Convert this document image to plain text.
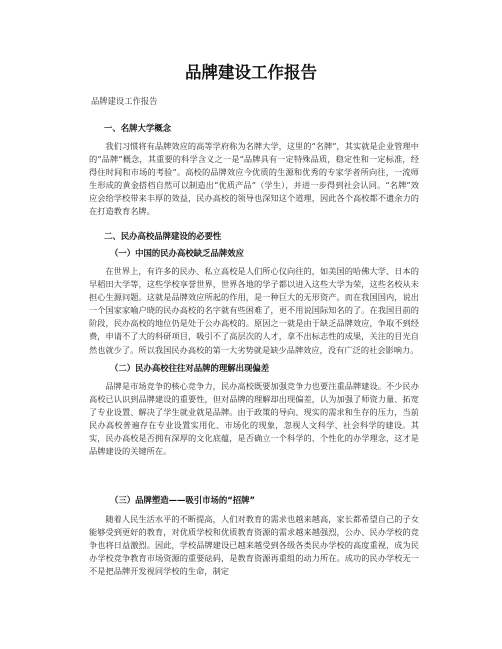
品牌建设工作报告
品牌建设工作报告
一、名牌大学概念

我们习惯将有品牌效应的高等学府称为名牌大学，这里的“名牌”，其实就是企业管理中的“品牌”概念，其重要的科学含义之一是“品牌具有一定特殊品质，稳定性和一定标准，经得住时间和市场的考验”。高校的品牌效应今优质的生源和优秀的专家学者所向往，一流师生形成的黄金搭档自然可以制造出“优质产品”（学生），并进一步得到社会认同。“名牌”效应会给学校带来丰厚的效益，民办高校的领导也深知这个道理，因此各个高校都不遗余力的在打造教育名牌。

二、民办高校品牌建设的必要性
（一）中国的民办高校缺乏品牌效应

在世界上，有许多的民办、私立高校是人们所心仪向往的，如美国的哈佛大学、日本的早稻田大学等，这些学校享誉世界，世界各地的学子都以进入这些大学为荣，这些名校从未担心生源问题。这就是品牌效应所起的作用，是一种巨大的无形资产。而在我国国内，说出一个国家家喻户晓的民办高校的名字就有些困难了，更不用说国际知名的了。在我国目前的阶段，民办高校的地位仍是处于公办高校的。原因之一就是由于缺乏品牌效应，争取不到经费，申请不了大的科研项目，吸引不了高层次的人才，拿不出标志性的成果，关注的目光自然也就少了。所以我国民办高校的第一大劣势就是缺少品牌效应，没有广泛的社会影响力。

（二）民办高校往往对品牌的理解出现偏差

品牌是市场竞争的核心竞争力，民办高校既要加强竞争力也要注重品牌建设。不少民办高校已认识到品牌建设的重要性，但对品牌的理解却出现偏差，认为加强了师资力量、拓宽了专业设置、解决了学生就业就是品牌。由于政策的导向、现实的需求和生存的压力，当前民办高校普遍存在专业设置实用化、市场化的现象，忽视人文科学、社会科学的建设。其实，民办高校是否拥有深厚的文化底蕴，是否确立一个科学的、个性化的办学理念，这才是品牌建设的关键所在。

（三）品牌塑造——吸引市场的“招牌”

随着人民生活水平的不断提高，人们对教育的需求也越来越高，家长都希望自己的子女能够受到更好的教育，对优质学校和优质教育资源的需求越来越强烈，公办、民办学校的竞争也将日益激烈。因此，学校品牌建设已越来越受到各级各类民办学校的高度重视，成为民办学校竞争教育市场资源的重要砝码，是教育资源再重组的动力所在。成功的民办学校无一不是把品牌开发视同学校的生命，制定
